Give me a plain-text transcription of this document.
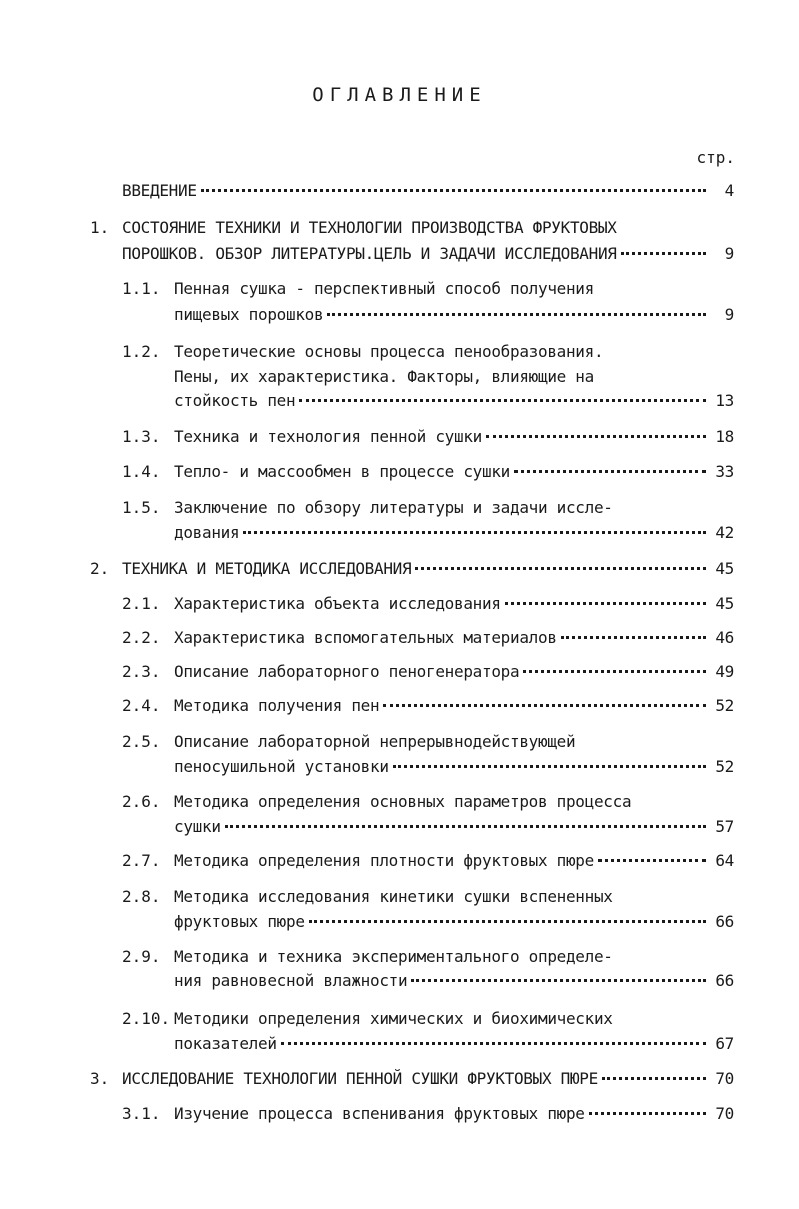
ОГЛАВЛЕНИЕ
стр.
ВВЕДЕНИЕ	4
1. СОСТОЯНИЕ ТЕХНИКИ И ТЕХНОЛОГИИ ПРОИЗВОДСТВА ФРУКТОВЫХ
ПОРОШКОВ. ОБЗОР ЛИТЕРАТУРЫ.ЦЕЛЬ И ЗАДАЧИ ИССЛЕДОВАНИЯ	9
1.1. Пенная сушка - перспективный способ получения
пищевых порошков	9
1.2. Теоретические основы процесса пенообразования.
Пены, их характеристика. Факторы, влияющие на
стойкость пен	13
1.3. Техника и технология пенной сушки	18
1.4. Тепло- и массообмен в процессе сушки	33
1.5. Заключение по обзору литературы и задачи иссле-
дования	42
2. ТЕХНИКА И МЕТОДИКА ИССЛЕДОВАНИЯ	45
2.1. Характеристика объекта исследования	45
2.2. Характеристика вспомогательных материалов	46
2.3. Описание лабораторного пеногенератора	49
2.4. Методика получения пен	52
2.5. Описание лабораторной непрерывнодействующей
пеносушильной установки	52
2.6. Методика определения основных параметров процесса
сушки	57
2.7. Методика определения плотности фруктовых пюре	64
2.8. Методика исследования кинетики сушки вспененных
фруктовых пюре	66
2.9. Методика и техника экспериментального определе-
ния равновесной влажности	66
2.10. Методики определения химических и биохимических
показателей	67
3. ИССЛЕДОВАНИЕ ТЕХНОЛОГИИ ПЕННОЙ СУШКИ ФРУКТОВЫХ ПЮРЕ	70
3.1. Изучение процесса вспенивания фруктовых пюре	70
